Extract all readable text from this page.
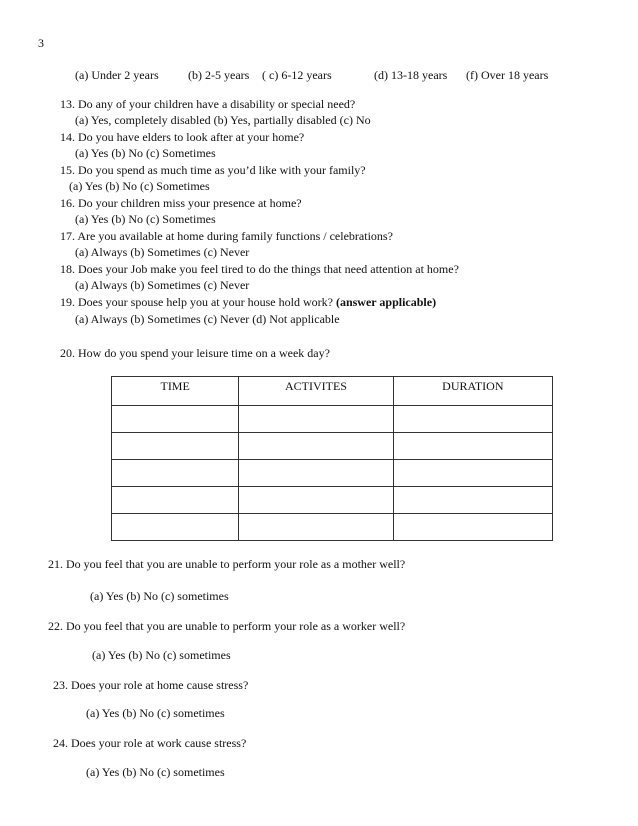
3
(a) Under 2 years (b) 2-5 years ( c) 6-12 years	(d) 13-18 years (f) Over 18 years
13. Do any of your children have a disability or special need?
(a) Yes, completely disabled (b) Yes, partially disabled (c) No
14. Do you have elders to look after at your home?
(a) Yes (b) No (c) Sometimes
15. Do you spend as much time as you’d like with your family?
(a) Yes (b) No (c) Sometimes
16. Do your children miss your presence at home?
(a) Yes (b) No (c) Sometimes
17. Are you available at home during family functions / celebrations?
(a) Always (b) Sometimes (c) Never
18. Does your Job make you feel tired to do the things that need attention at home?
(a) Always (b) Sometimes (c) Never
19. Does your spouse help you at your house hold work? (answer applicable)
(a) Always (b) Sometimes (c) Never (d) Not applicable
20. How do you spend your leisure time on a week day?
TIME	ACTIVITES	DURATION

21. Do you feel that you are unable to perform your role as a mother well?
(a) Yes (b) No (c) sometimes
22. Do you feel that you are unable to perform your role as a worker well?
(a) Yes (b) No (c) sometimes
23. Does your role at home cause stress?
(a) Yes (b) No (c) sometimes
24. Does your role at work cause stress?
(a) Yes (b) No (c) sometimes
